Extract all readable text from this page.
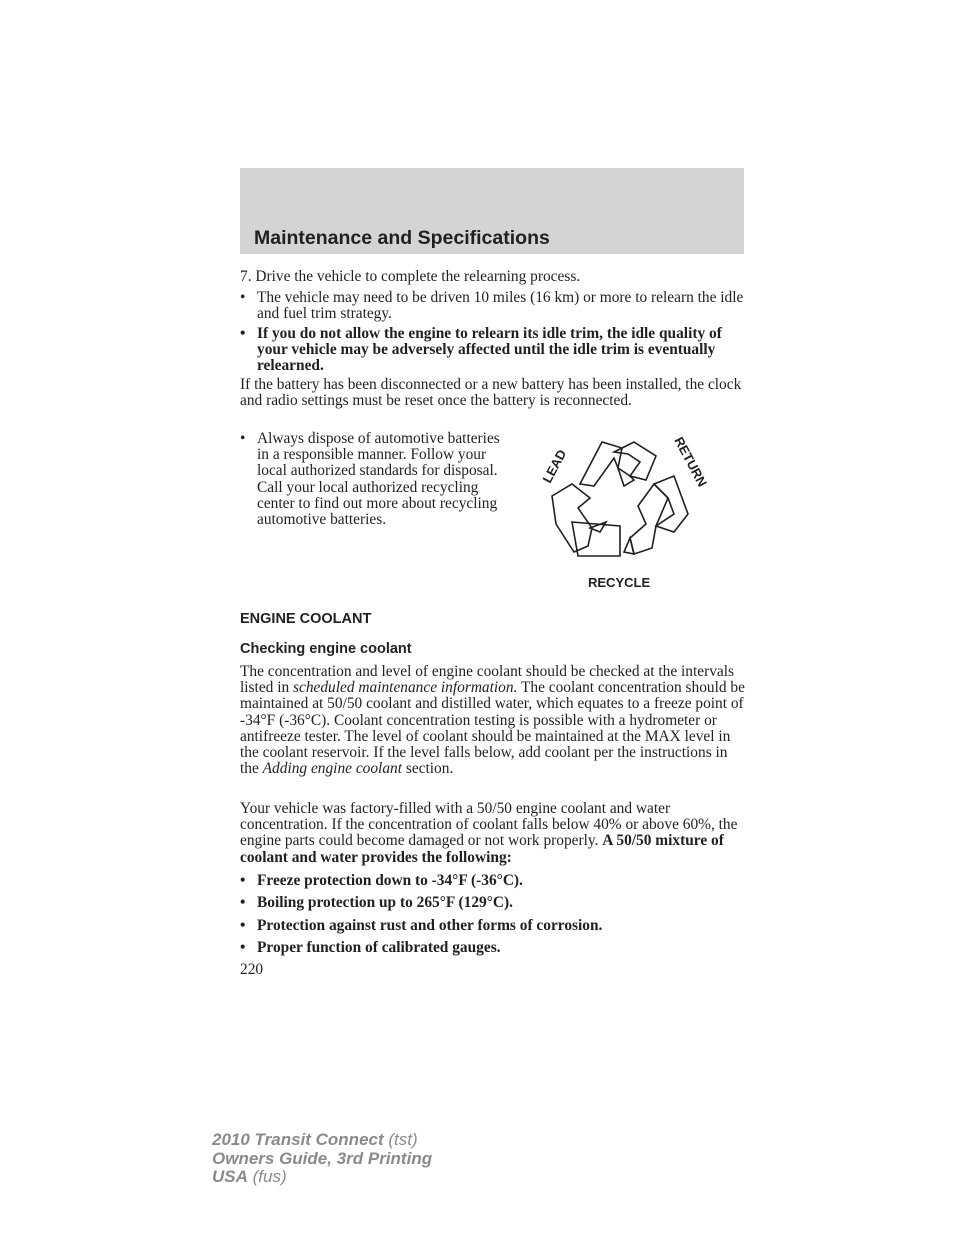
Maintenance and Specifications

7. Drive the vehicle to complete the relearning process.

• The vehicle may need to be driven 10 miles (16 km) or more to relearn the idle and fuel trim strategy.

• If you do not allow the engine to relearn its idle trim, the idle quality of your vehicle may be adversely affected until the idle trim is eventually relearned.

If the battery has been disconnected or a new battery has been installed, the clock and radio settings must be reset once the battery is reconnected.

• Always dispose of automotive batteries in a responsible manner. Follow your local authorized standards for disposal. Call your local authorized recycling center to find out more about recycling automotive batteries.

LEAD	RETURN
RECYCLE
ENGINE COOLANT
Checking engine coolant

The concentration and level of engine coolant should be checked at the intervals listed in scheduled maintenance information. The coolant concentration should be maintained at 50/50 coolant and distilled water, which equates to a freeze point of -34°F (-36°C). Coolant concentration testing is possible with a hydrometer or antifreeze tester. The level of coolant should be maintained at the MAX level in the coolant reservoir. If the level falls below, add coolant per the instructions in the Adding engine coolant section.

Your vehicle was factory-filled with a 50/50 engine coolant and water concentration. If the concentration of coolant falls below 40% or above 60%, the engine parts could become damaged or not work properly. A 50/50 mixture of coolant and water provides the following:

• Freeze protection down to -34°F (-36°C).

• Boiling protection up to 265°F (129°C).

• Protection against rust and other forms of corrosion.

• Proper function of calibrated gauges.

220

2010 Transit Connect (tst)
Owners Guide, 3rd Printing
USA (fus)
